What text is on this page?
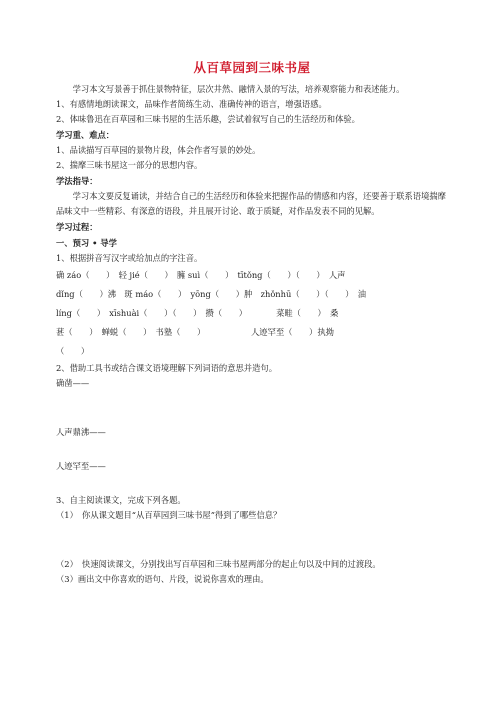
从百草园到三味书屋

学习本文写景善于抓住景物特征，层次井然、融情入景的写法，培养观察能力和表述能力。

1、有感情地朗读课文，品味作者简练生动、准确传神的语言，增强语感。

2、体味鲁迅在百草园和三味书屋的生活乐趣，尝试着叙写自己的生活经历和体验。

学习重、难点：

1、品读描写百草园的景物片段，体会作者写景的妙处。

2、揣摩三味书屋这一部分的思想内容。

学法指导：

学习本文要反复诵读，并结合自己的生活经历和体验来把握作品的情感和内容，还要善于联系语境揣摩品味文中一些精彩、有深意的语段，并且展开讨论、敢于质疑，对作品发表不同的见解。

学习过程：

一、预习 • 导学

1、根据拼音写汉字或给加点的字注音。

确 záo（　　）　轻 jié（　　）　臃 suì（　　）　tītǒng（　　）（　　）　人声

dǐng（　　）沸　斑 máo（　　）　yōng（　　）肿　zhǒnhū（　　）（　　）　油

líng（　　）　xīshuài（　　）（　　）　攒（　　）　　　　菜畦（　　）　桑

葚（　　）　蝉蜕（　　）　书塾（　　）　　　　　　人迹罕至（　　）执拗

（　　）

2、借助工具书或结合课文语境理解下列词语的意思并造句。

确凿——

人声鼎沸——

人迹罕至——

3、自主阅读课文，完成下列各题。

（1）　你从课文题目“从百草园到三味书屋”得到了哪些信息？

（2）　快速阅读课文，分别找出写百草园和三味书屋两部分的起止句以及中间的过渡段。

（3）画出文中你喜欢的语句、片段，说说你喜欢的理由。
